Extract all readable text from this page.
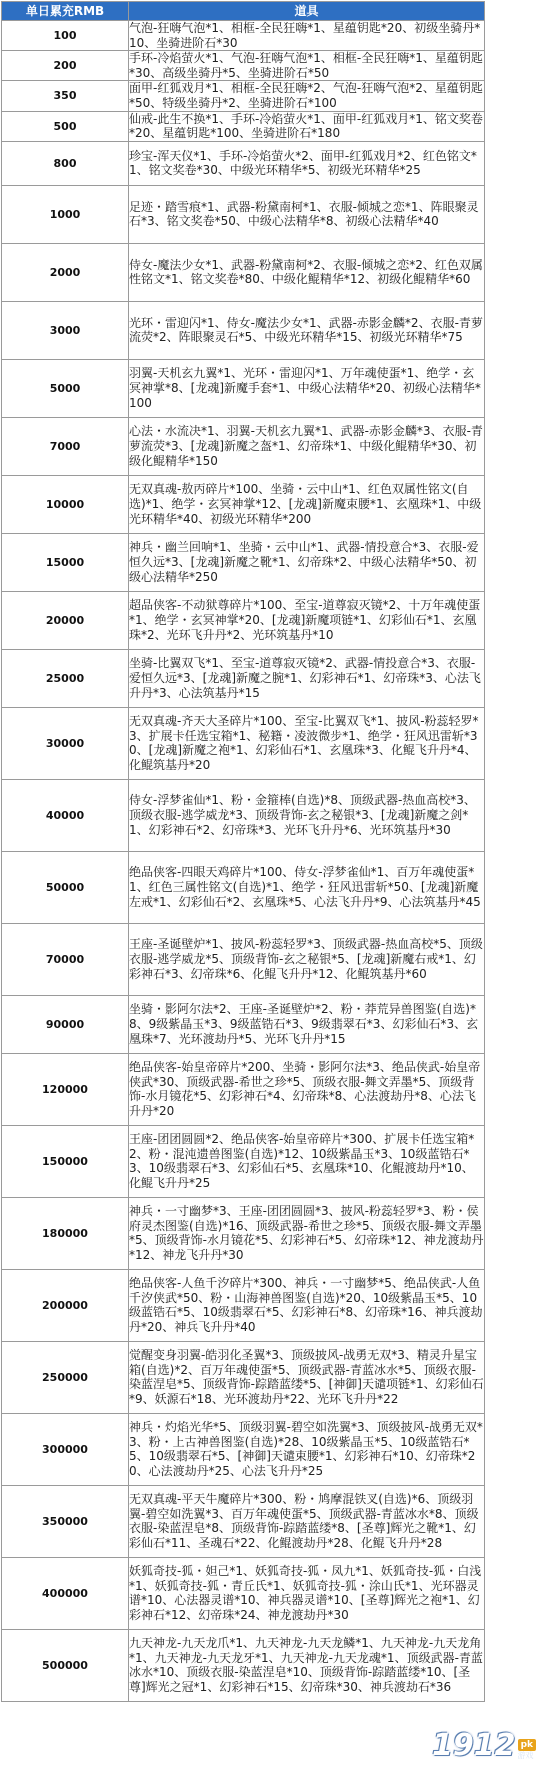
单日累充RMB	道具
100	气泡-狂嗨气泡*1、相框-全民狂嗨*1、星蕴钥匙*20、初级坐骑丹*10、坐骑进阶石*30
200	手环-冷焰萤火*1、气泡-狂嗨气泡*1、相框-全民狂嗨*1、星蕴钥匙*30、高级坐骑丹*5、坐骑进阶石*50
350	面甲-红狐戏月*1、相框-全民狂嗨*2、气泡-狂嗨气泡*2、星蕴钥匙*50、特级坐骑丹*2、坐骑进阶石*100
500	仙戒-此生不换*1、手环-冷焰萤火*1、面甲-红狐戏月*1、铭文奖卷*20、星蕴钥匙*100、坐骑进阶石*180
800	珍宝-浑天仪*1、手环-冷焰萤火*2、面甲-红狐戏月*2、红色铭文*1、铭文奖卷*30、中级光环精华*5、初级光环精华*25
1000	足迹・踏雪痕*1、武器-粉黛南柯*1、衣服-倾城之恋*1、阵眼聚灵石*3、铭文奖卷*50、中级心法精华*8、初级心法精华*40
2000	侍女-魔法少女*1、武器-粉黛南柯*2、衣服-倾城之恋*2、红色双属性铭文*1、铭文奖卷*80、中级化鲲精华*12、初级化鲲精华*60
3000	光环・雷迎闪*1、侍女-魔法少女*1、武器-赤影金麟*2、衣服-青萝流荧*2、阵眼聚灵石*5、中级光环精华*15、初级光环精华*75
5000	羽翼-天机玄九翼*1、光环・雷迎闪*1、万年魂使蛋*1、绝学・玄冥神掌*8、[龙魂]新魔手套*1、中级心法精华*20、初级心法精华*100
7000	心法・水流决*1、羽翼-天机玄九翼*1、武器-赤影金麟*3、衣服-青萝流荧*3、[龙魂]新魔之盔*1、幻帝珠*1、中级化鲲精华*30、初级化鲲精华*150
10000	无双真魂-敖丙碎片*100、坐骑・云中山*1、红色双属性铭文(自选)*1、绝学・玄冥神掌*12、[龙魂]新魔束腰*1、玄凰珠*1、中级光环精华*40、初级光环精华*200
15000	神兵・幽兰回响*1、坐骑・云中山*1、武器-情投意合*3、衣服-爱恒久远*3、[龙魂]新魔之靴*1、幻帝珠*2、中级心法精华*50、初级心法精华*250
20000	超品侠客-不动狱尊碎片*100、至宝-道尊寂灭镜*2、十万年魂使蛋*1、绝学・玄冥神掌*20、[龙魂]新魔项链*1、幻彩仙石*1、玄凰珠*2、光环飞升丹*2、光环筑基丹*10
25000	坐骑-比翼双飞*1、至宝-道尊寂灭镜*2、武器-情投意合*3、衣服-爱恒久远*3、[龙魂]新魔之腕*1、幻彩神石*1、幻帝珠*3、心法飞升丹*3、心法筑基丹*15
30000	无双真魂-齐天大圣碎片*100、至宝-比翼双飞*1、披风-粉蕊轻罗*3、扩展卡任选宝箱*1、秘籍・凌波微步*1、绝学・狂风迅雷斩*30、[龙魂]新魔之袍*1、幻彩仙石*1、玄凰珠*3、化鲲飞升丹*4、化鲲筑基丹*20
40000	侍女-浮梦雀仙*1、粉・金箍棒(自选)*8、顶级武器-热血高校*3、顶级衣服-逃学威龙*3、顶级背饰-玄之秘银*3、[龙魂]新魔之剑*1、幻彩神石*2、幻帝珠*3、光环飞升丹*6、光环筑基丹*30
50000	绝品侠客-四眼天鸡碎片*100、侍女-浮梦雀仙*1、百万年魂使蛋*1、红色三属性铭文(自选)*1、绝学・狂风迅雷斩*50、[龙魂]新魔左戒*1、幻彩仙石*2、玄凰珠*5、心法飞升丹*9、心法筑基丹*45
70000	王座-圣诞壁炉*1、披风-粉蕊轻罗*3、顶级武器-热血高校*5、顶级衣服-逃学威龙*5、顶级背饰-玄之秘银*5、[龙魂]新魔右戒*1、幻彩神石*3、幻帝珠*6、化鲲飞升丹*12、化鲲筑基丹*60
90000	坐骑・影阿尔法*2、王座-圣诞壁炉*2、粉・莽荒异兽图鉴(自选)*8、9级紫晶玉*3、9级蓝锆石*3、9级翡翠石*3、幻彩仙石*3、玄凰珠*7、光环渡劫丹*5、光环飞升丹*15
120000	绝品侠客-始皇帝碎片*200、坐骑・影阿尔法*3、绝品侠武-始皇帝侠武*30、顶级武器-希世之珍*5、顶级衣服-舞文弄墨*5、顶级背饰-水月镜花*5、幻彩神石*4、幻帝珠*8、心法渡劫丹*8、心法飞升丹*20
150000	王座-团团圆圆*2、绝品侠客-始皇帝碎片*300、扩展卡任选宝箱*2、粉・混沌遗兽图鉴(自选)*12、10级紫晶玉*3、10级蓝锆石*3、10级翡翠石*3、幻彩仙石*5、玄凰珠*10、化鲲渡劫丹*10、化鲲飞升丹*25
180000	神兵・一寸幽梦*3、王座-团团圆圆*3、披风-粉蕊轻罗*3、粉・侯府灵杰图鉴(自选)*16、顶级武器-希世之珍*5、顶级衣服-舞文弄墨*5、顶级背饰-水月镜花*5、幻彩神石*5、幻帝珠*12、神龙渡劫丹*12、神龙飞升丹*30
200000	绝品侠客-人鱼千汐碎片*300、神兵・一寸幽梦*5、绝品侠武-人鱼千汐侠武*50、粉・山海神兽图鉴(自选)*20、10级紫晶玉*5、10级蓝锆石*5、10级翡翠石*5、幻彩神石*8、幻帝珠*16、神兵渡劫丹*20、神兵飞升丹*40
250000	觉醒变身羽翼-皓羽化圣翼*3、顶级披风-战勇无双*3、精灵升星宝箱(自选)*2、百万年魂使蛋*5、顶级武器-青蓝冰水*5、顶级衣服-染蓝涅皂*5、顶级背饰-踪踏蓝缕*5、[神御]天谴项链*1、幻彩仙石*9、妖源石*18、光环渡劫丹*22、光环飞升丹*22
300000	神兵・灼焰光华*5、顶级羽翼-碧空如洗翼*3、顶级披风-战勇无双*3、粉・上古神兽图鉴(自选)*28、10级紫晶玉*5、10级蓝锆石*5、10级翡翠石*5、[神御]天谴束腰*1、幻彩神石*10、幻帝珠*20、心法渡劫丹*25、心法飞升丹*25
350000	无双真魂-平天牛魔碎片*300、粉・鸠摩混铁叉(自选)*6、顶级羽翼-碧空如洗翼*3、百万年魂使蛋*5、顶级武器-青蓝冰水*8、顶级衣服-染蓝涅皂*8、顶级背饰-踪踏蓝缕*8、[圣尊]辉光之靴*1、幻彩仙石*11、圣魂石*22、化鲲渡劫丹*28、化鲲飞升丹*28
400000	妖狐奇技-狐・妲己*1、妖狐奇技-狐・凤九*1、妖狐奇技-狐・白浅*1、妖狐奇技-狐・青丘氏*1、妖狐奇技-狐・涂山氏*1、光环器灵谱*10、心法器灵谱*10、神兵器灵谱*10、[圣尊]辉光之袍*1、幻彩神石*12、幻帝珠*24、神龙渡劫丹*30
500000	九天神龙-九天龙爪*1、九天神龙-九天龙鳞*1、九天神龙-九天龙角*1、九天神龙-九天龙牙*1、九天神龙-九天龙魂*1、顶级武器-青蓝冰水*10、顶级衣服-染蓝涅皂*10、顶级背饰-踪踏蓝缕*10、[圣尊]辉光之冠*1、幻彩神石*15、幻帝珠*30、神兵渡劫石*36
1912 pk
游戏
